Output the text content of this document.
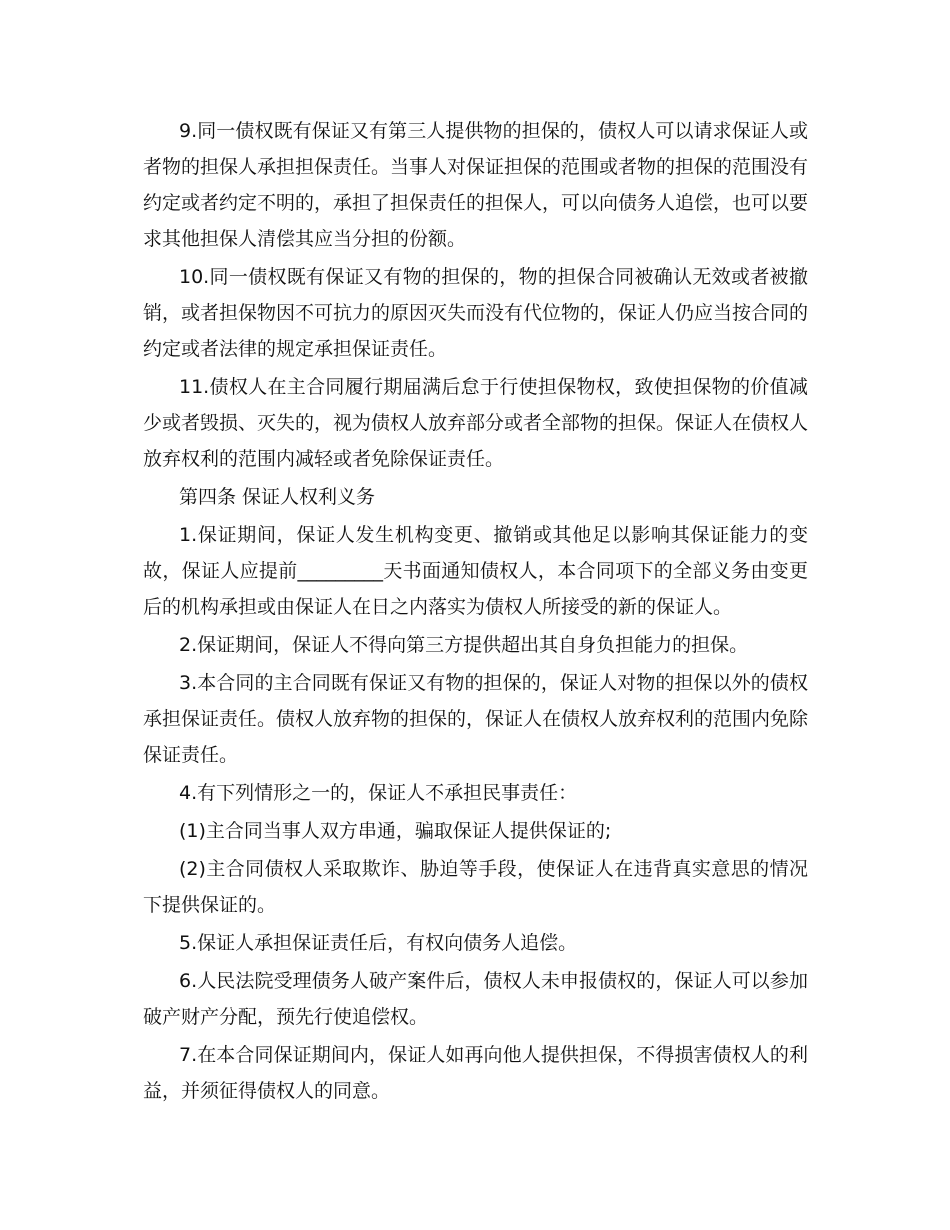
9.同一债权既有保证又有第三人提供物的担保的，债权人可以请求保证人或者物的担保人承担担保责任。当事人对保证担保的范围或者物的担保的范围没有约定或者约定不明的，承担了担保责任的担保人，可以向债务人追偿，也可以要求其他担保人清偿其应当分担的份额。

10.同一债权既有保证又有物的担保的，物的担保合同被确认无效或者被撤销，或者担保物因不可抗力的原因灭失而没有代位物的，保证人仍应当按合同的约定或者法律的规定承担保证责任。

11.债权人在主合同履行期届满后怠于行使担保物权，致使担保物的价值减少或者毁损、灭失的，视为债权人放弃部分或者全部物的担保。保证人在债权人放弃权利的范围内减轻或者免除保证责任。

第四条 保证人权利义务

1.保证期间，保证人发生机构变更、撤销或其他足以影响其保证能力的变故，保证人应提前_________天书面通知债权人，本合同项下的全部义务由变更后的机构承担或由保证人在日之内落实为债权人所接受的新的保证人。

2.保证期间，保证人不得向第三方提供超出其自身负担能力的担保。

3.本合同的主合同既有保证又有物的担保的，保证人对物的担保以外的债权承担保证责任。债权人放弃物的担保的，保证人在债权人放弃权利的范围内免除保证责任。

4.有下列情形之一的，保证人不承担民事责任：

(1)主合同当事人双方串通，骗取保证人提供保证的;

(2)主合同债权人采取欺诈、胁迫等手段，使保证人在违背真实意思的情况下提供保证的。

5.保证人承担保证责任后，有权向债务人追偿。

6.人民法院受理债务人破产案件后，债权人未申报债权的，保证人可以参加破产财产分配，预先行使追偿权。

7.在本合同保证期间内，保证人如再向他人提供担保，不得损害债权人的利益，并须征得债权人的同意。
